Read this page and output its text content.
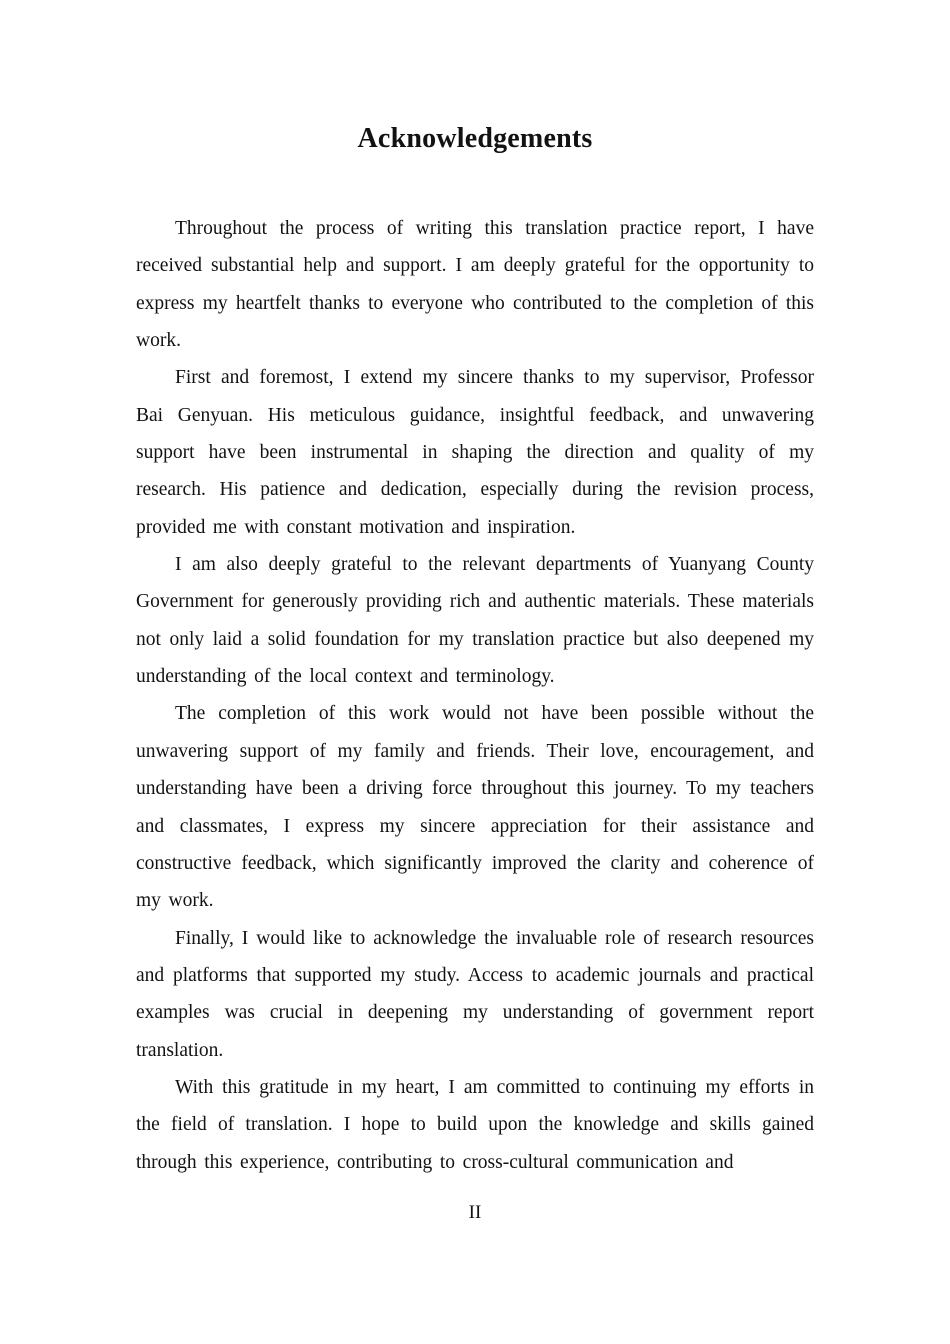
Acknowledgements

Throughout the process of writing this translation practice report, I have received substantial help and support. I am deeply grateful for the opportunity to express my heartfelt thanks to everyone who contributed to the completion of this work.

First and foremost, I extend my sincere thanks to my supervisor, Professor Bai Genyuan. His meticulous guidance, insightful feedback, and unwavering support have been instrumental in shaping the direction and quality of my research. His patience and dedication, especially during the revision process, provided me with constant motivation and inspiration.

I am also deeply grateful to the relevant departments of Yuanyang County Government for generously providing rich and authentic materials. These materials not only laid a solid foundation for my translation practice but also deepened my understanding of the local context and terminology.

The completion of this work would not have been possible without the unwavering support of my family and friends. Their love, encouragement, and understanding have been a driving force throughout this journey. To my teachers and classmates, I express my sincere appreciation for their assistance and constructive feedback, which significantly improved the clarity and coherence of my work.

Finally, I would like to acknowledge the invaluable role of research resources and platforms that supported my study. Access to academic journals and practical examples was crucial in deepening my understanding of government report translation.

With this gratitude in my heart, I am committed to continuing my efforts in the field of translation. I hope to build upon the knowledge and skills gained through this experience, contributing to cross-cultural communication and

II
